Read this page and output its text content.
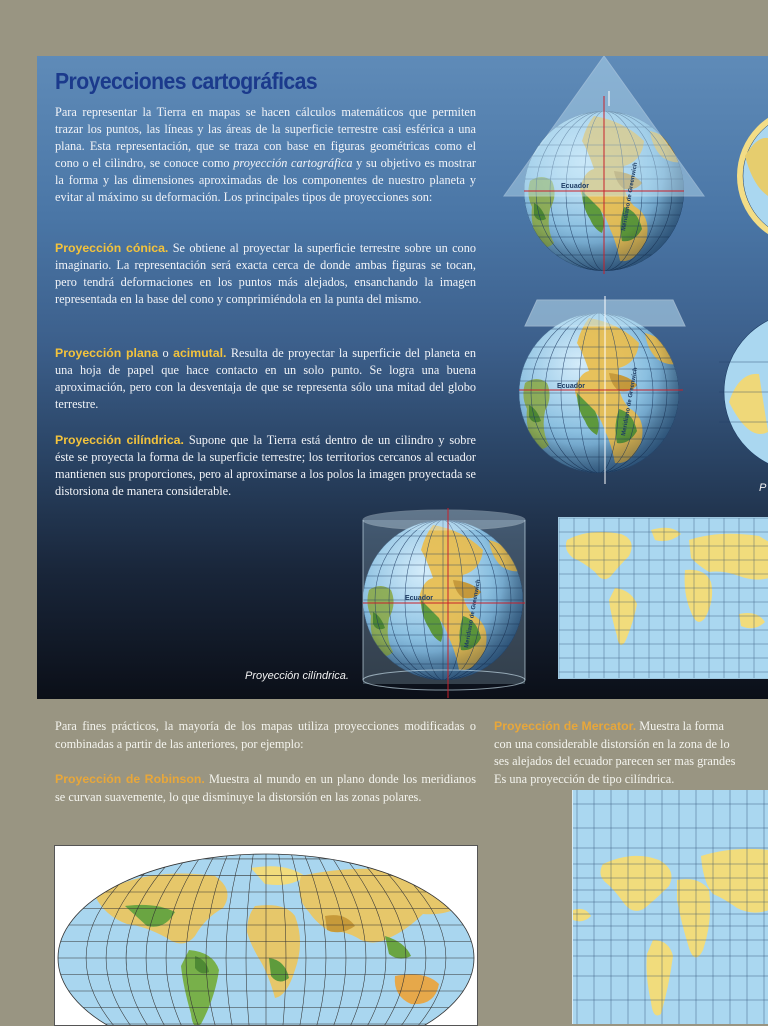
Proyecciones cartográficas

Para representar la Tierra en mapas se hacen cálculos matemáticos que permiten trazar los puntos, las líneas y las áreas de la superficie terrestre casi esférica a una plana. Esta representación, que se traza con base en figuras geométricas como el cono o el cilindro, se conoce como proyección cartográfica y su objetivo es mostrar la forma y las dimensiones aproximadas de los componentes de nuestro planeta y evitar al máximo su deformación. Los principales tipos de proyecciones son:

Proyección cónica. Se obtiene al proyectar la superficie terrestre sobre un cono imaginario. La representación será exacta cerca de donde ambas figuras se tocan, pero tendrá deformaciones en los puntos más alejados, ensanchando la imagen representada en la base del cono y comprimiéndola en la punta del mismo.

Proyección plana o acimutal. Resulta de proyectar la superficie del planeta en una hoja de papel que hace contacto en un solo punto. Se logra una buena aproximación, pero con la desventaja de que se representa sólo una mitad del globo terrestre.

Proyección cilíndrica. Supone que la Tierra está dentro de un cilindro y sobre éste se proyecta la forma de la superficie terrestre; los territorios cercanos al ecuador mantienen sus proporciones, pero al aproximarse a los polos la imagen proyectada se distorsiona de manera considerable.

Ecuador	Meridiano de Greenwich
Ecuador	Meridiano de Greenwich
P
Ecuador	Meridiano de Greenwich
Proyección cilíndrica.

Para fines prácticos, la mayoría de los mapas utiliza proyecciones modificadas o combinadas a partir de las anteriores, por ejemplo:

Proyección de Robinson. Muestra al mundo en un plano donde los meridianos se curvan suavemente, lo que disminuye la distorsión en las zonas polares.

Proyección de Mercator. Muestra la forma
con una considerable distorsión en la zona de lo
ses alejados del ecuador parecen ser mas grandes
Es una proyección de tipo cilíndrica.
